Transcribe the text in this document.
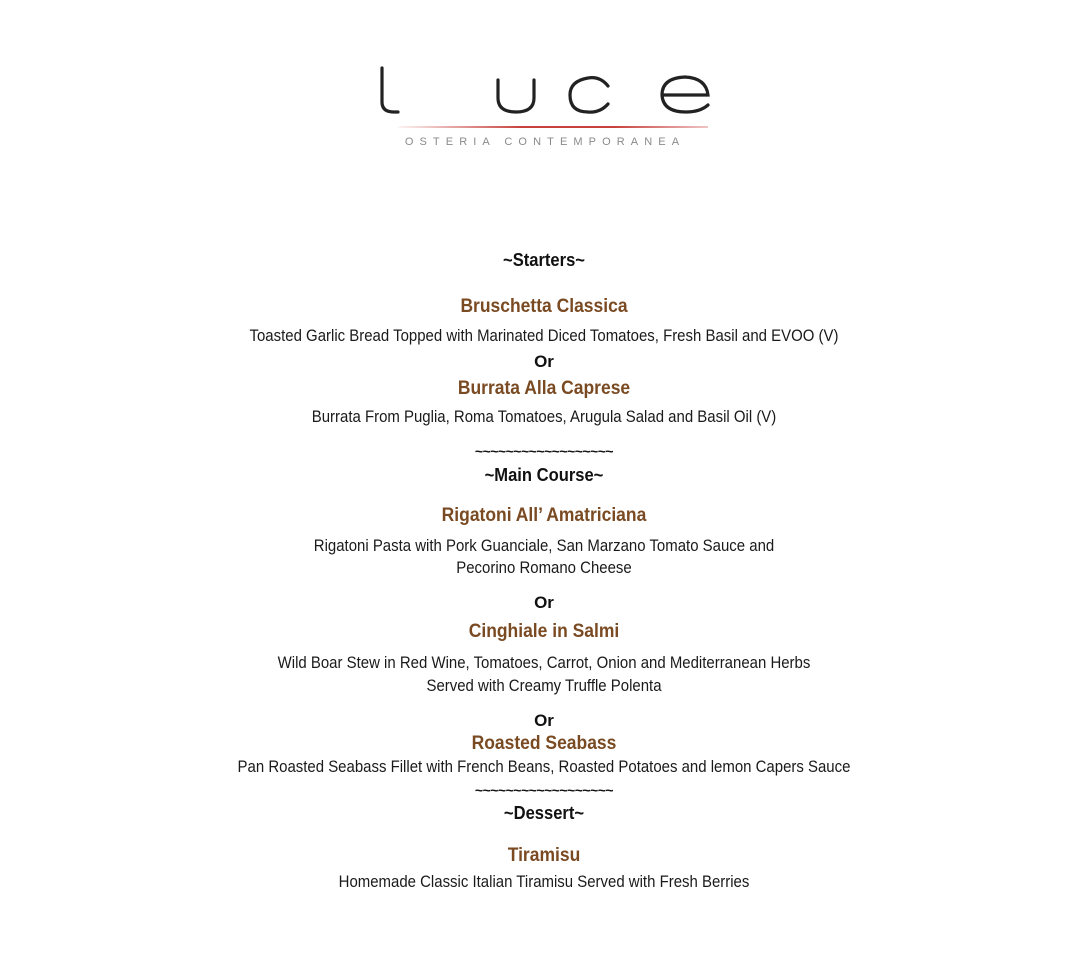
OSTERIA CONTEMPORANEA
~Starters~
Bruschetta Classica
Toasted Garlic Bread Topped with Marinated Diced Tomatoes, Fresh Basil and EVOO (V)
Or
Burrata Alla Caprese
Burrata From Puglia, Roma Tomatoes, Arugula Salad and Basil Oil (V)
~~~~~~~~~~~~~~~~~~
~Main Course~
Rigatoni All’ Amatriciana
Rigatoni Pasta with Pork Guanciale, San Marzano Tomato Sauce and
Pecorino Romano Cheese
Or
Cinghiale in Salmi
Wild Boar Stew in Red Wine, Tomatoes, Carrot, Onion and Mediterranean Herbs
Served with Creamy Truffle Polenta
Or
Roasted Seabass
Pan Roasted Seabass Fillet with French Beans, Roasted Potatoes and lemon Capers Sauce
~~~~~~~~~~~~~~~~~~
~Dessert~
Tiramisu
Homemade Classic Italian Tiramisu Served with Fresh Berries
